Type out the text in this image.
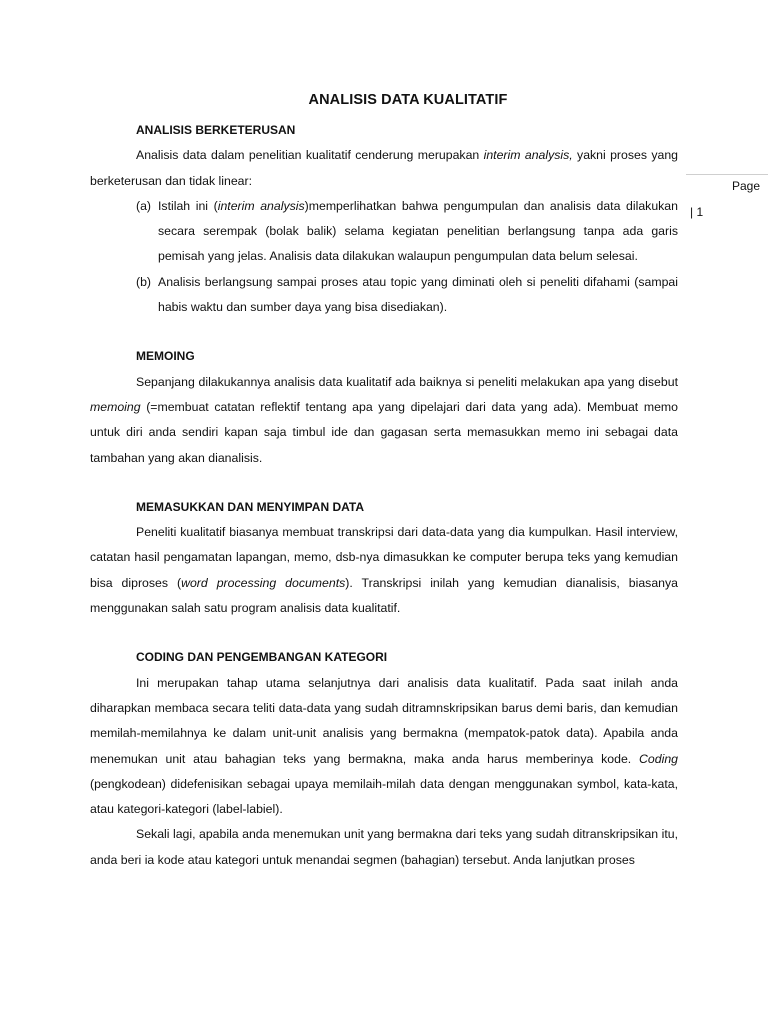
ANALISIS DATA KUALITATIF
Page
| 1
ANALISIS BERKETERUSAN

Analisis data dalam penelitian kualitatif cenderung merupakan interim analysis, yakni proses yang berketerusan dan tidak linear:

(a) Istilah ini (interim analysis)memperlihatkan bahwa pengumpulan dan analisis data dilakukan secara serempak (bolak balik) selama kegiatan penelitian berlangsung tanpa ada garis pemisah yang jelas. Analisis data dilakukan walaupun pengumpulan data belum selesai.
(b) Analisis berlangsung sampai proses atau topic yang diminati oleh si peneliti difahami (sampai habis waktu dan sumber daya yang bisa disediakan).
MEMOING

Sepanjang dilakukannya analisis data kualitatif ada baiknya si peneliti melakukan apa yang disebut memoing (=membuat catatan reflektif tentang apa yang dipelajari dari data yang ada). Membuat memo untuk diri anda sendiri kapan saja timbul ide dan gagasan serta memasukkan memo ini sebagai data tambahan yang akan dianalisis.

MEMASUKKAN DAN MENYIMPAN DATA

Peneliti kualitatif biasanya membuat transkripsi dari data-data yang dia kumpulkan. Hasil interview, catatan hasil pengamatan lapangan, memo, dsb-nya dimasukkan ke computer berupa teks yang kemudian bisa diproses (word processing documents). Transkripsi inilah yang kemudian dianalisis, biasanya menggunakan salah satu program analisis data kualitatif.

CODING DAN PENGEMBANGAN KATEGORI

Ini merupakan tahap utama selanjutnya dari analisis data kualitatif. Pada saat inilah anda diharapkan membaca secara teliti data-data yang sudah ditramnskripsikan barus demi baris, dan kemudian memilah-memilahnya ke dalam unit-unit analisis yang bermakna (mempatok-patok data). Apabila anda menemukan unit atau bahagian teks yang bermakna, maka anda harus memberinya kode. Coding (pengkodean) didefenisikan sebagai upaya memilaih-milah data dengan menggunakan symbol, kata-kata, atau kategori-kategori (label-labiel).

Sekali lagi, apabila anda menemukan unit yang bermakna dari teks yang sudah ditranskripsikan itu, anda beri ia kode atau kategori untuk menandai segmen (bahagian) tersebut. Anda lanjutkan proses
